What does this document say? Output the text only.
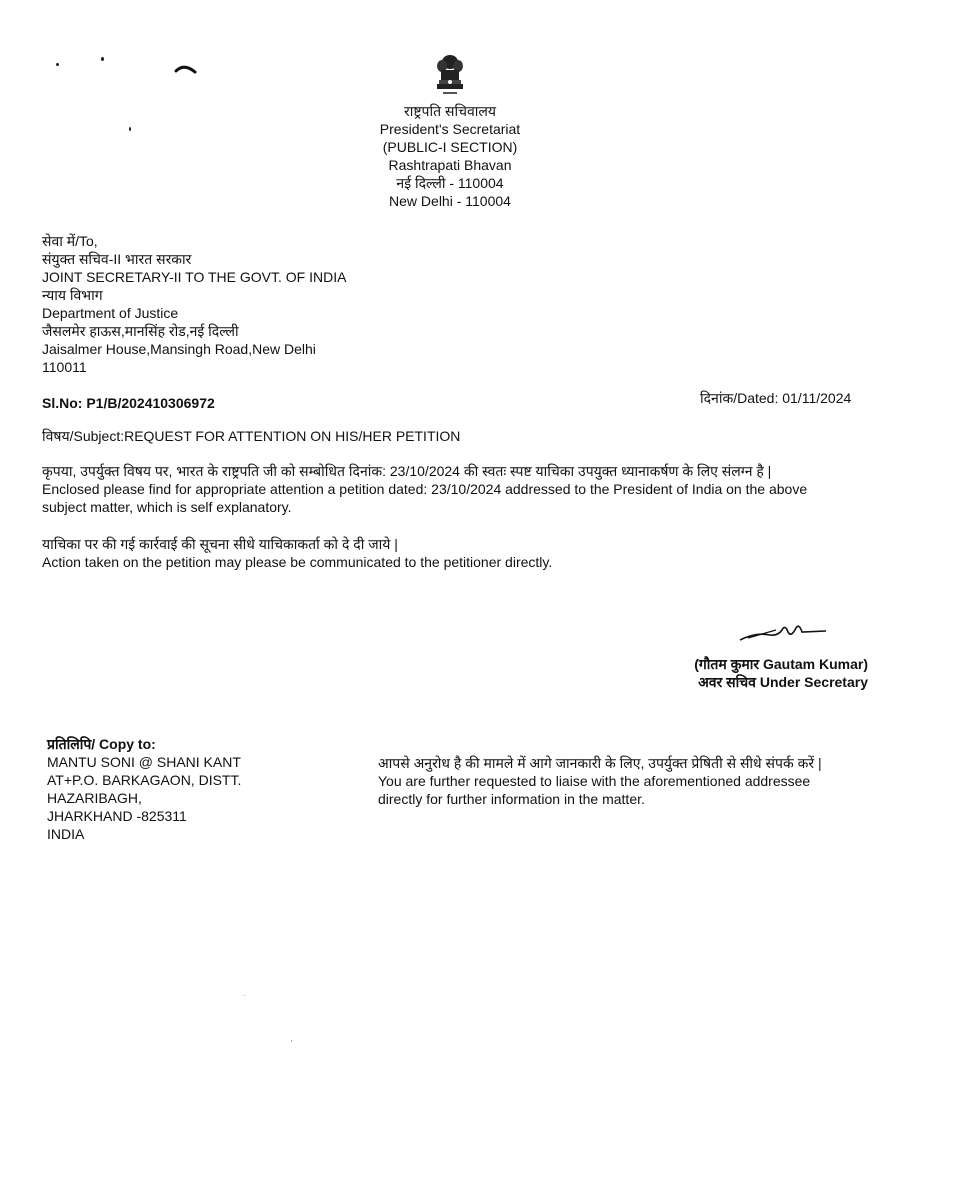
राष्ट्रपति सचिवालय
President's Secretariat
(PUBLIC-I SECTION)
Rashtrapati Bhavan
नई दिल्ली - 110004
New Delhi - 110004
सेवा में/To,
संयुक्त सचिव-II भारत सरकार
JOINT SECRETARY-II TO THE GOVT. OF INDIA
न्याय विभाग
Department of Justice
जैसलमेर हाऊस,मानसिंह रोड,नई दिल्ली
Jaisalmer House,Mansingh Road,New Delhi
110011
Sl.No: P1/B/202410306972	दिनांक/Dated: 01/11/2024
विषय/Subject:REQUEST FOR ATTENTION ON HIS/HER PETITION
कृपया, उपर्युक्त विषय पर, भारत के राष्ट्रपति जी को सम्बोधित दिनांक: 23/10/2024 की स्वतः स्पष्ट याचिका उपयुक्त ध्यानाकर्षण के लिए संलग्न है |
Enclosed please find for appropriate attention a petition dated: 23/10/2024 addressed to the President of India on the above
subject matter, which is self explanatory.
याचिका पर की गई कार्रवाई की सूचना सीधे याचिकाकर्ता को दे दी जाये |
Action taken on the petition may please be communicated to the petitioner directly.
(गौतम कुमार Gautam Kumar)
अवर सचिव Under Secretary
प्रतिलिपि/ Copy to:
MANTU SONI @ SHANI KANT
AT+P.O. BARKAGAON, DISTT.
HAZARIBAGH,
JHARKHAND -825311
INDIA
आपसे अनुरोध है की मामले में आगे जानकारी के लिए, उपर्युक्त प्रेषिती से सीधे संपर्क करें |
You are further requested to liaise with the aforementioned addressee
directly for further information in the matter.
